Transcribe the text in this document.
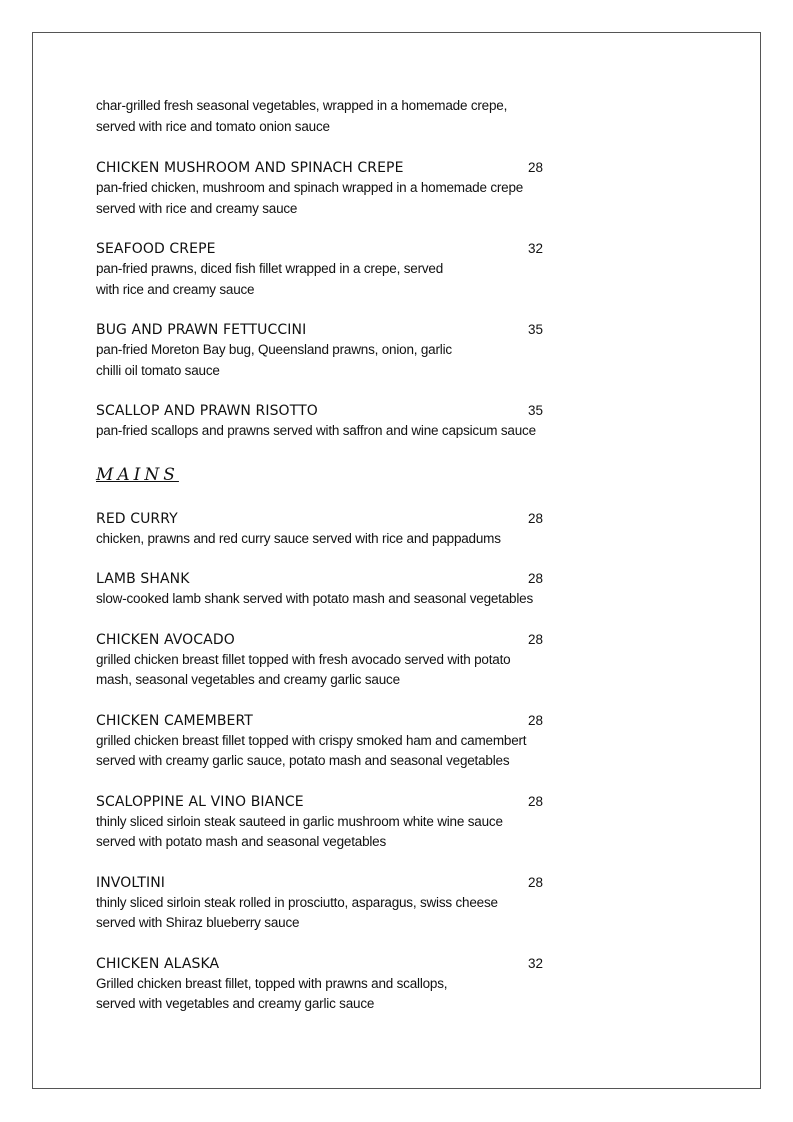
char-grilled fresh seasonal vegetables, wrapped in a homemade crepe,
served with rice and tomato onion sauce

CHICKEN MUSHROOM AND SPINACH CREPE	28

pan-fried chicken, mushroom and spinach wrapped in a homemade crepe
served with rice and creamy sauce

SEAFOOD CREPE	32

pan-fried prawns, diced fish fillet wrapped in a crepe, served
with rice and creamy sauce

BUG AND PRAWN FETTUCCINI	35

pan-fried Moreton Bay bug, Queensland prawns, onion, garlic
chilli oil tomato sauce

SCALLOP AND PRAWN RISOTTO	35

pan-fried scallops and prawns served with saffron and wine capsicum sauce

MAINS
RED CURRY	28

chicken, prawns and red curry sauce served with rice and pappadums

LAMB SHANK	28

slow-cooked lamb shank served with potato mash and seasonal vegetables

CHICKEN AVOCADO	28

grilled chicken breast fillet topped with fresh avocado served with potato
mash, seasonal vegetables and creamy garlic sauce

CHICKEN CAMEMBERT	28

grilled chicken breast fillet topped with crispy smoked ham and camembert
served with creamy garlic sauce, potato mash and seasonal vegetables

SCALOPPINE AL VINO BIANCE	28

thinly sliced sirloin steak sauteed in garlic mushroom white wine sauce
served with potato mash and seasonal vegetables

INVOLTINI	28

thinly sliced sirloin steak rolled in prosciutto, asparagus, swiss cheese
served with Shiraz blueberry sauce

CHICKEN ALASKA	32

Grilled chicken breast fillet, topped with prawns and scallops,
served with vegetables and creamy garlic sauce
